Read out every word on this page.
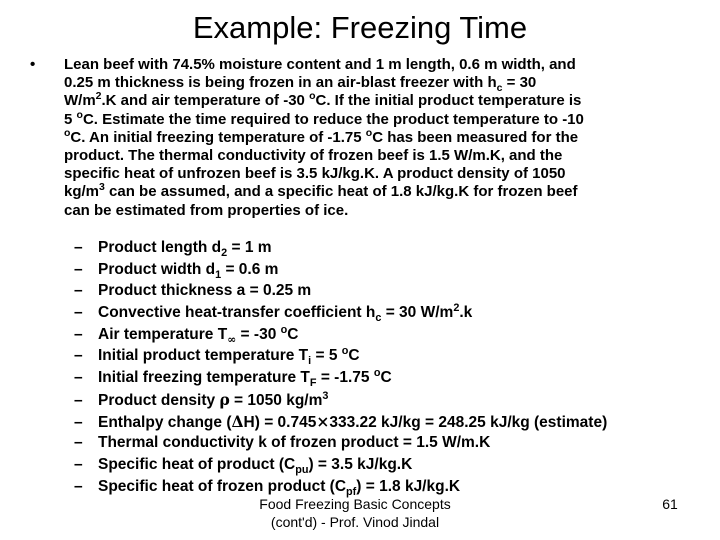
Example: Freezing Time
• Lean beef with 74.5% moisture content and 1 m length, 0.6 m width, and

0.25 m thickness is being frozen in an air-blast freezer with $h_c = 30$

$W/m^2.K$ and air temperature of -30 $^o$C. If the initial product temperature is

5 $^o$C. Estimate the time required to reduce the product temperature to -10

$^o$C. An initial freezing temperature of -1.75 $^o$C has been measured for the

product. The thermal conductivity of frozen beef is 1.5 W/m.K, and the

specific heat of unfrozen beef is 3.5 kJ/kg.K. A product density of 1050

$kg/m^3$ can be assumed, and a specific heat of 1.8 kJ/kg.K for frozen beef

can be estimated from properties of ice.

– Product length $d_2 = 1$ m
– Product width $d_1 = 0.6$ m
– Product thickness a = 0.25 m
– Convective heat-transfer coefficient $h_c = 30$ $W/m^2.k$
– Air temperature $T_\infty = -30$ $^o$C
– Initial product temperature $T_i = 5$ $^o$C
– Initial freezing temperature $T_F = -1.75$ $^o$C
– Product density ρ = 1050 $kg/m^3$
– Enthalpy change (ΔH) = 0.745×333.22 kJ/kg = 248.25 kJ/kg (estimate)
– Thermal conductivity k of frozen product = 1.5 W/m.K
– Specific heat of product $(C_{pu}) = 3.5$ kJ/kg.K
– Specific heat of frozen product $(C_{pf}) = 1.8$ kJ/kg.K
Food Freezing Basic Concepts
(cont'd) - Prof. Vinod Jindal
61
